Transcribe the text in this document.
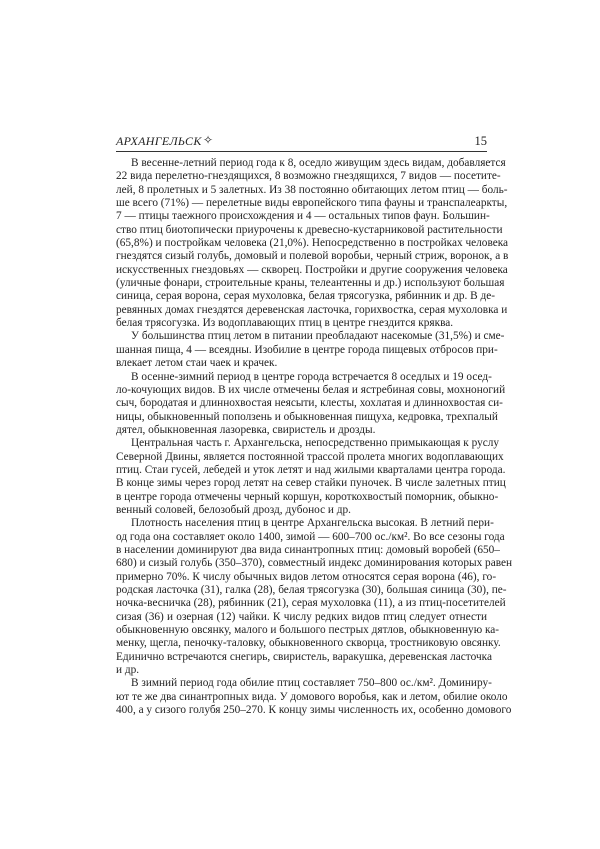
АРХАНГЕЛЬСК ✧	15
В весенне-летний период года к 8, оседло живущим здесь видам, добавляется
22 вида перелетно-гнездящихся, 8 возможно гнездящихся, 7 видов — посетите-
лей, 8 пролетных и 5 залетных. Из 38 постоянно обитающих летом птиц — боль-
ше всего (71%) — перелетные виды европейского типа фауны и транспалеаркты,
7 — птицы таежного происхождения и 4 — остальных типов фаун. Большин-
ство птиц биотопически приурочены к древесно-кустарниковой растительности
(65,8%) и постройкам человека (21,0%). Непосредственно в постройках человека
гнездятся сизый голубь, домовый и полевой воробьи, черный стриж, воронок, а в
искусственных гнездовьях — скворец. Постройки и другие сооружения человека
(уличные фонари, строительные краны, телеантенны и др.) используют большая
синица, серая ворона, серая мухоловка, белая трясогузка, рябинник и др. В де-
ревянных домах гнездятся деревенская ласточка, горихвостка, серая мухоловка и
белая трясогузка. Из водоплавающих птиц в центре гнездится кряква.
У большинства птиц летом в питании преобладают насекомые (31,5%) и сме-
шанная пища, 4 — всеядны. Изобилие в центре города пищевых отбросов при-
влекает летом стаи чаек и крачек.
В осенне-зимний период в центре города встречается 8 оседлых и 19 осед-
ло-кочующих видов. В их числе отмечены белая и ястребиная совы, мохноногий
сыч, бородатая и длиннохвостая неясыти, клесты, хохлатая и длиннохвостая си-
ницы, обыкновенный поползень и обыкновенная пищуха, кедровка, трехпалый
дятел, обыкновенная лазоревка, свиристель и дрозды.
Центральная часть г. Архангельска, непосредственно примыкающая к руслу
Северной Двины, является постоянной трассой пролета многих водоплавающих
птиц. Стаи гусей, лебедей и уток летят и над жилыми кварталами центра города.
В конце зимы через город летят на север стайки пуночек. В числе залетных птиц
в центре города отмечены черный коршун, короткохвостый поморник, обыкно-
венный соловей, белозобый дрозд, дубонос и др.
Плотность населения птиц в центре Архангельска высокая. В летний пери-
од года она составляет около 1400, зимой — 600–700 ос./км². Во все сезоны года
в населении доминируют два вида синантропных птиц: домовый воробей (650–
680) и сизый голубь (350–370), совместный индекс доминирования которых равен
примерно 70%. К числу обычных видов летом относятся серая ворона (46), го-
родская ласточка (31), галка (28), белая трясогузка (30), большая синица (30), пе-
ночка-весничка (28), рябинник (21), серая мухоловка (11), а из птиц-посетителей
сизая (36) и озерная (12) чайки. К числу редких видов птиц следует отнести
обыкновенную овсянку, малого и большого пестрых дятлов, обыкновенную ка-
менку, щегла, пеночку-таловку, обыкновенного скворца, тростниковую овсянку.
Единично встречаются снегирь, свиристель, варакушка, деревенская ласточка
и др.
В зимний период года обилие птиц составляет 750–800 ос./км². Доминиру-
ют те же два синантропных вида. У домового воробья, как и летом, обилие около
400, а у сизого голубя 250–270. К концу зимы численность их, особенно домового
